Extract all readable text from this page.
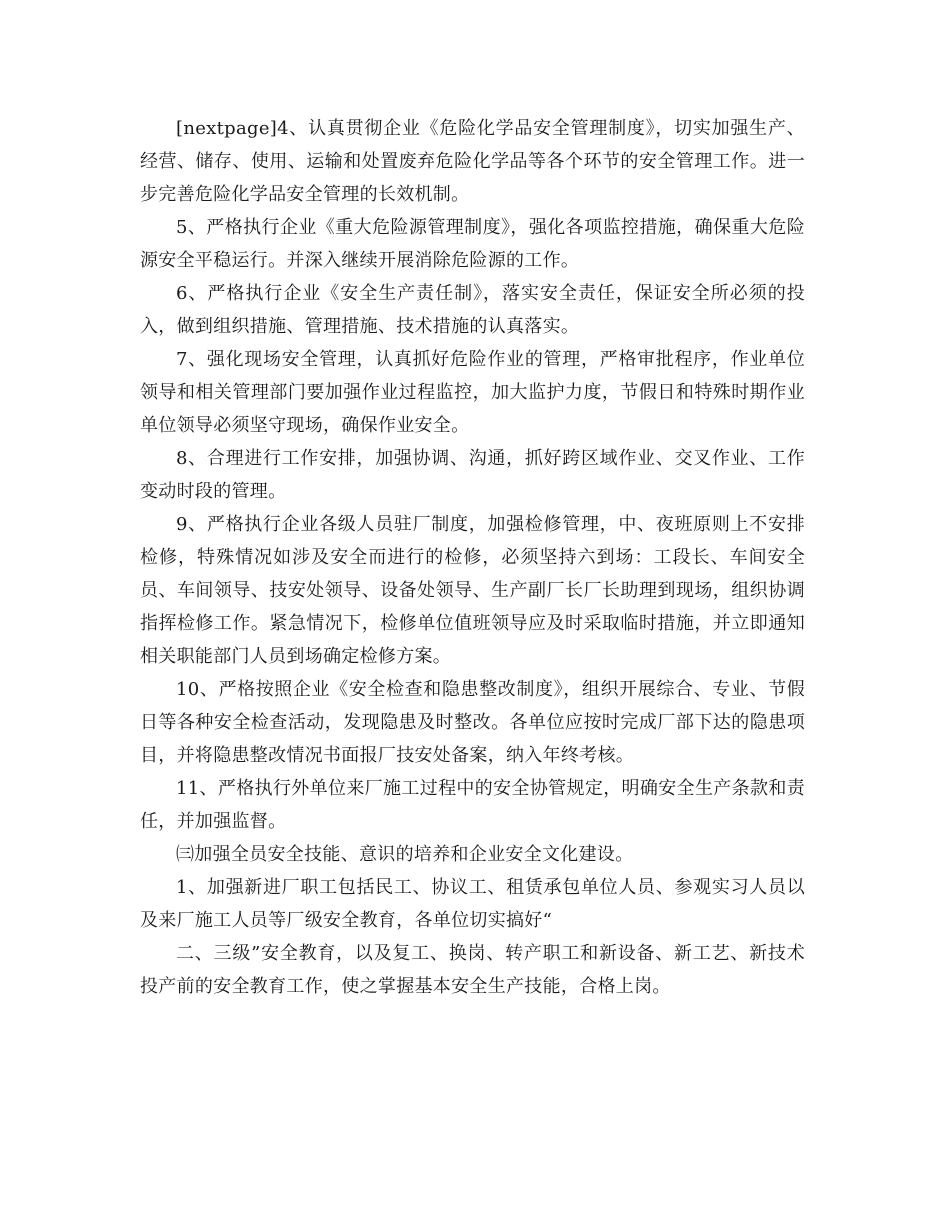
[nextpage]4、认真贯彻企业《危险化学品安全管理制度》，切实加强生产、经营、储存、使用、运输和处置废弃危险化学品等各个环节的安全管理工作。进一步完善危险化学品安全管理的长效机制。

5、严格执行企业《重大危险源管理制度》，强化各项监控措施，确保重大危险源安全平稳运行。并深入继续开展消除危险源的工作。

6、严格执行企业《安全生产责任制》，落实安全责任，保证安全所必须的投入，做到组织措施、管理措施、技术措施的认真落实。

7、强化现场安全管理，认真抓好危险作业的管理，严格审批程序，作业单位领导和相关管理部门要加强作业过程监控，加大监护力度，节假日和特殊时期作业单位领导必须坚守现场，确保作业安全。

8、合理进行工作安排，加强协调、沟通，抓好跨区域作业、交叉作业、工作变动时段的管理。

9、严格执行企业各级人员驻厂制度，加强检修管理，中、夜班原则上不安排检修，特殊情况如涉及安全而进行的检修，必须坚持六到场：工段长、车间安全员、车间领导、技安处领导、设备处领导、生产副厂长厂长助理到现场，组织协调指挥检修工作。紧急情况下，检修单位值班领导应及时采取临时措施，并立即通知相关职能部门人员到场确定检修方案。

10、严格按照企业《安全检查和隐患整改制度》，组织开展综合、专业、节假日等各种安全检查活动，发现隐患及时整改。各单位应按时完成厂部下达的隐患项目，并将隐患整改情况书面报厂技安处备案，纳入年终考核。

11、严格执行外单位来厂施工过程中的安全协管规定，明确安全生产条款和责任，并加强监督。

㈢加强全员安全技能、意识的培养和企业安全文化建设。

1、加强新进厂职工包括民工、协议工、租赁承包单位人员、参观实习人员以及来厂施工人员等厂级安全教育，各单位切实搞好“

二、三级”安全教育，以及复工、换岗、转产职工和新设备、新工艺、新技术投产前的安全教育工作，使之掌握基本安全生产技能，合格上岗。
